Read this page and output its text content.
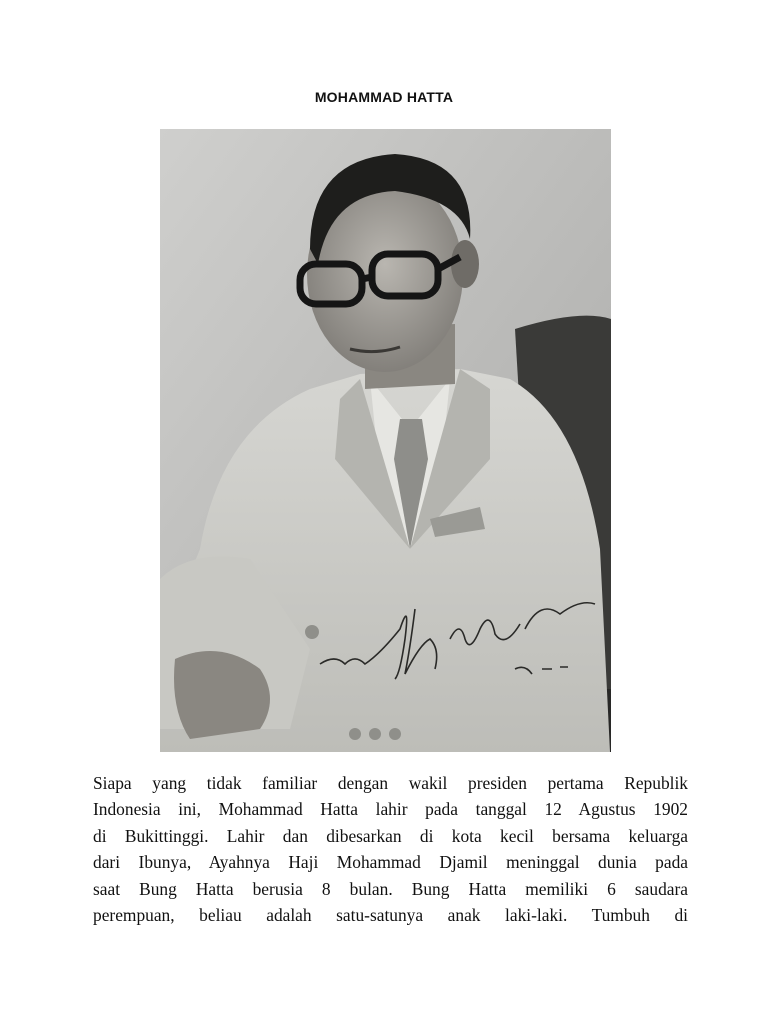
MOHAMMAD HATTA

Siapa yang tidak familiar dengan wakil presiden pertama Republik
Indonesia ini, Mohammad Hatta lahir pada tanggal 12 Agustus 1902
di Bukittinggi. Lahir dan dibesarkan di kota kecil bersama keluarga
dari Ibunya, Ayahnya Haji Mohammad Djamil meninggal dunia pada
saat Bung Hatta berusia 8 bulan. Bung Hatta memiliki 6 saudara
perempuan, beliau adalah satu-satunya anak laki-laki. Tumbuh di
